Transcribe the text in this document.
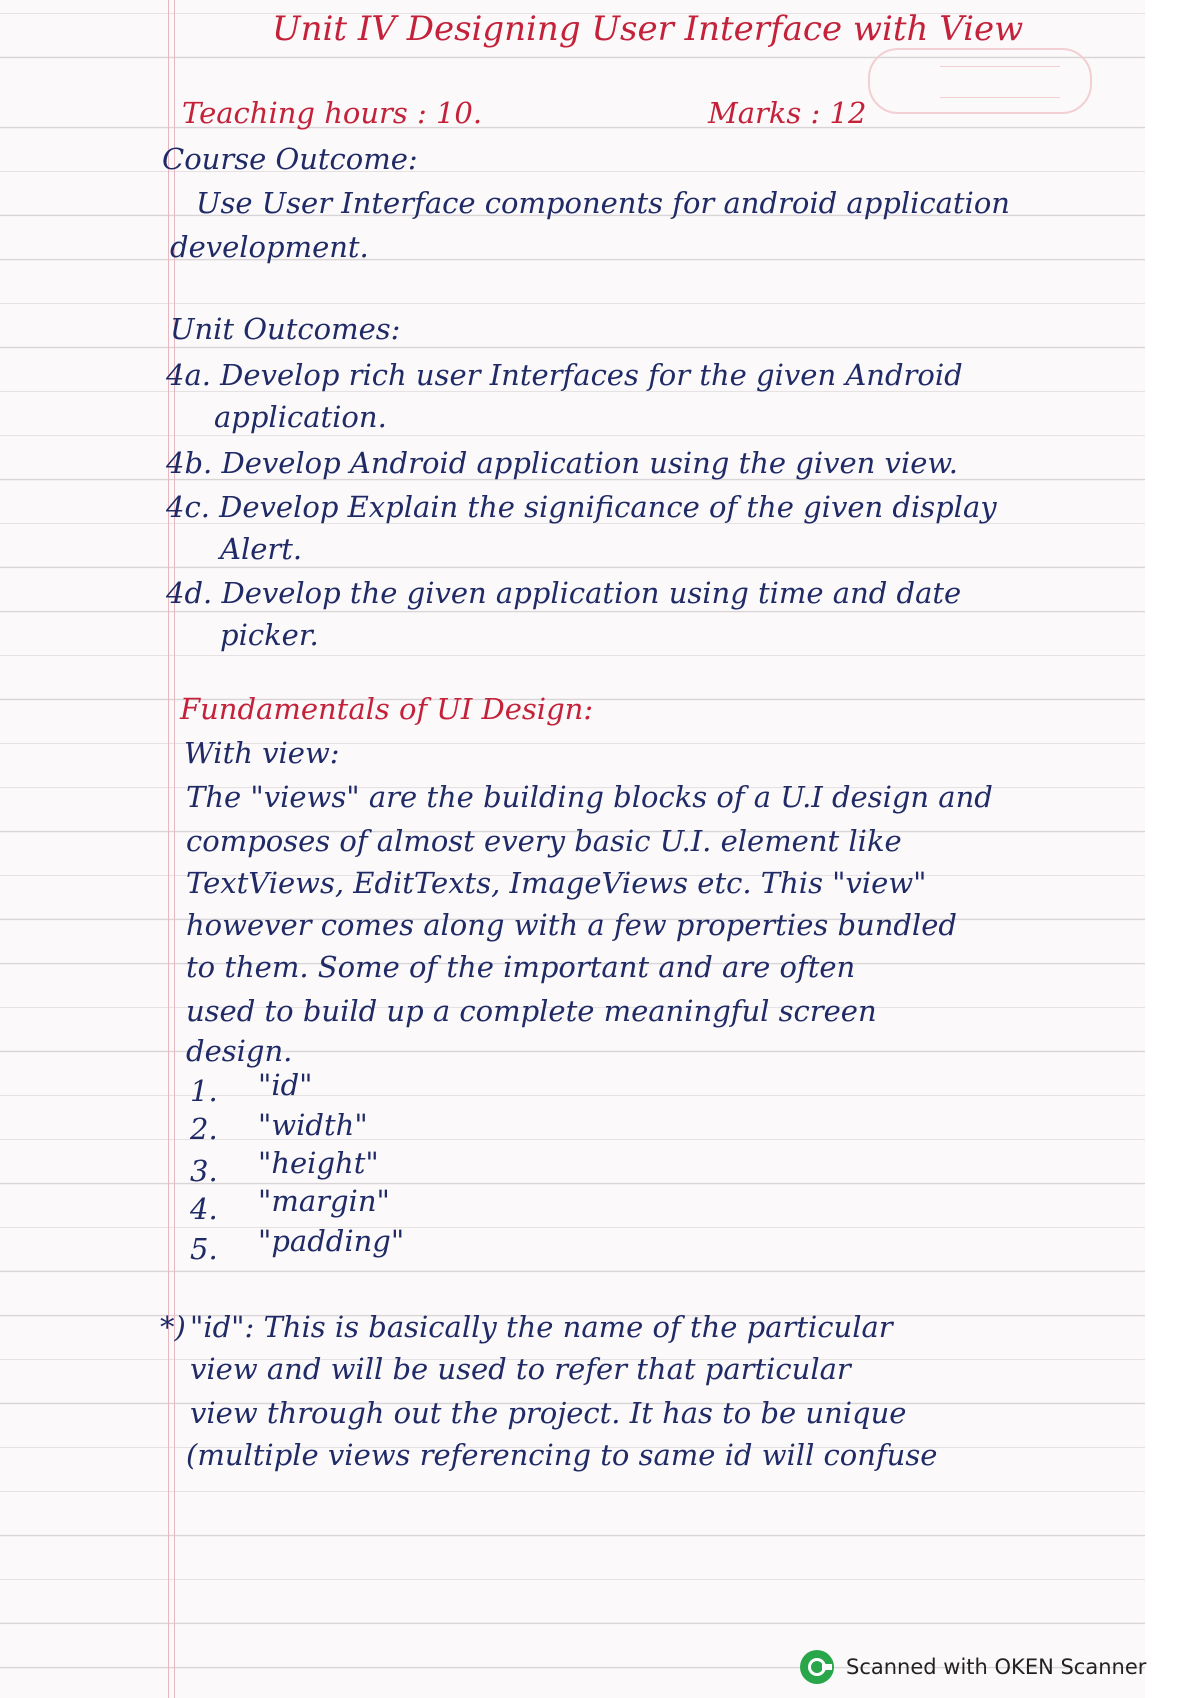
Unit IV Designing User Interface with View
Teaching hours : 10.	Marks : 12
Course Outcome:
Use User Interface components for android application
development.
Unit Outcomes:
4a. Develop rich user Interfaces for the given Android
application.
4b. Develop Android application using the given view.
4c. Develop Explain the significance of the given display
Alert.
4d. Develop the given application using time and date
picker.
Fundamentals of UI Design:
With view:
The "views" are the building blocks of a U.I design and
composes of almost every basic U.I. element like
TextViews, EditTexts, ImageViews etc. This "view"
however comes along with a few properties bundled
to them. Some of the important and are often
used to build up a complete meaningful screen
design.
1. "id"
2. "width"
3. "height"
4. "margin"
5. "padding"
*) "id": This is basically the name of the particular
view and will be used to refer that particular
view through out the project. It has to be unique
(multiple views referencing to same id will confuse
Scanned with OKEN Scanner
